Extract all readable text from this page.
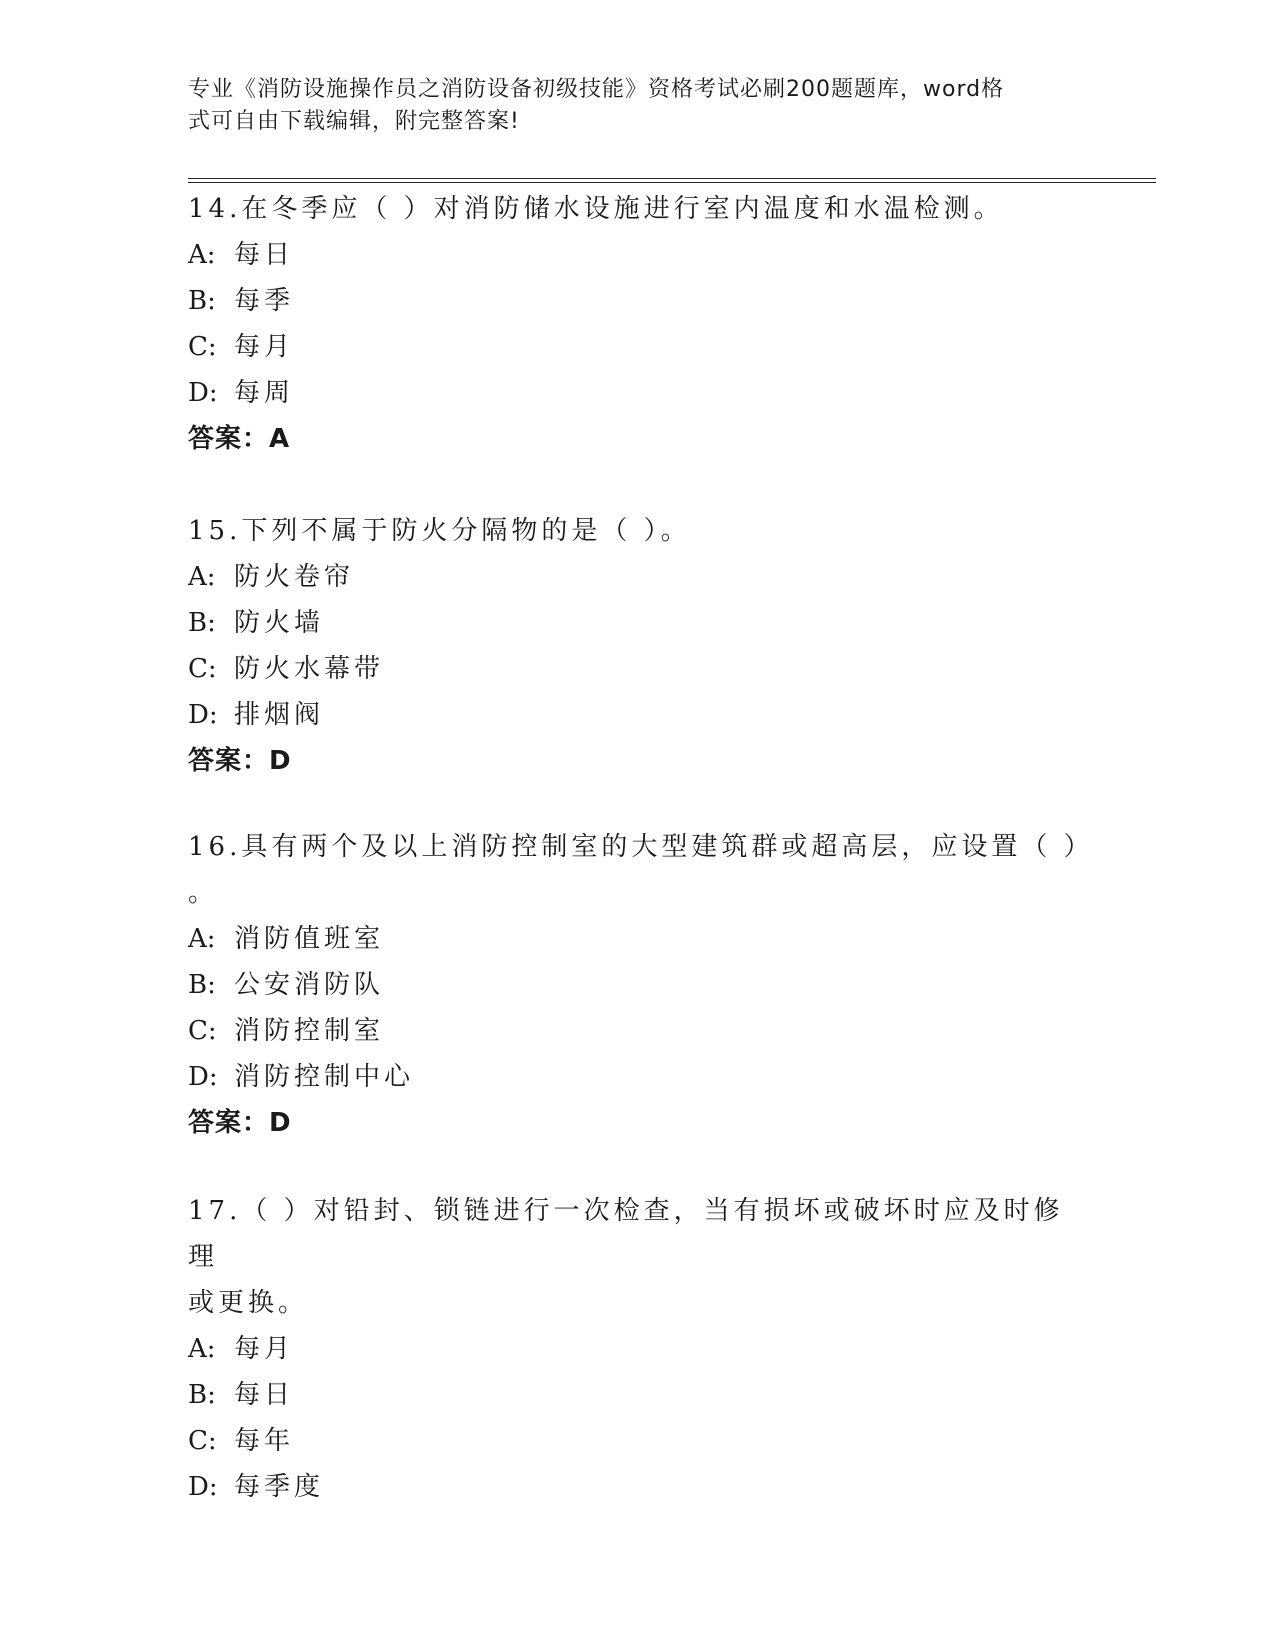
专业《消防设施操作员之消防设备初级技能》资格考试必刷200题题库，word格
式可自由下载编辑，附完整答案!
14.在冬季应（ ）对消防储水设施进行室内温度和水温检测。
A: 每日
B: 每季
C: 每月
D: 每周
答案：A
15.下列不属于防火分隔物的是（ ）。
A: 防火卷帘
B: 防火墙
C: 防火水幕带
D: 排烟阀
答案：D
16.具有两个及以上消防控制室的大型建筑群或超高层，应设置（ ）
。
A: 消防值班室
B: 公安消防队
C: 消防控制室
D: 消防控制中心
答案：D
17.（ ）对铅封、锁链进行一次检查，当有损坏或破坏时应及时修理
或更换。
A: 每月
B: 每日
C: 每年
D: 每季度
